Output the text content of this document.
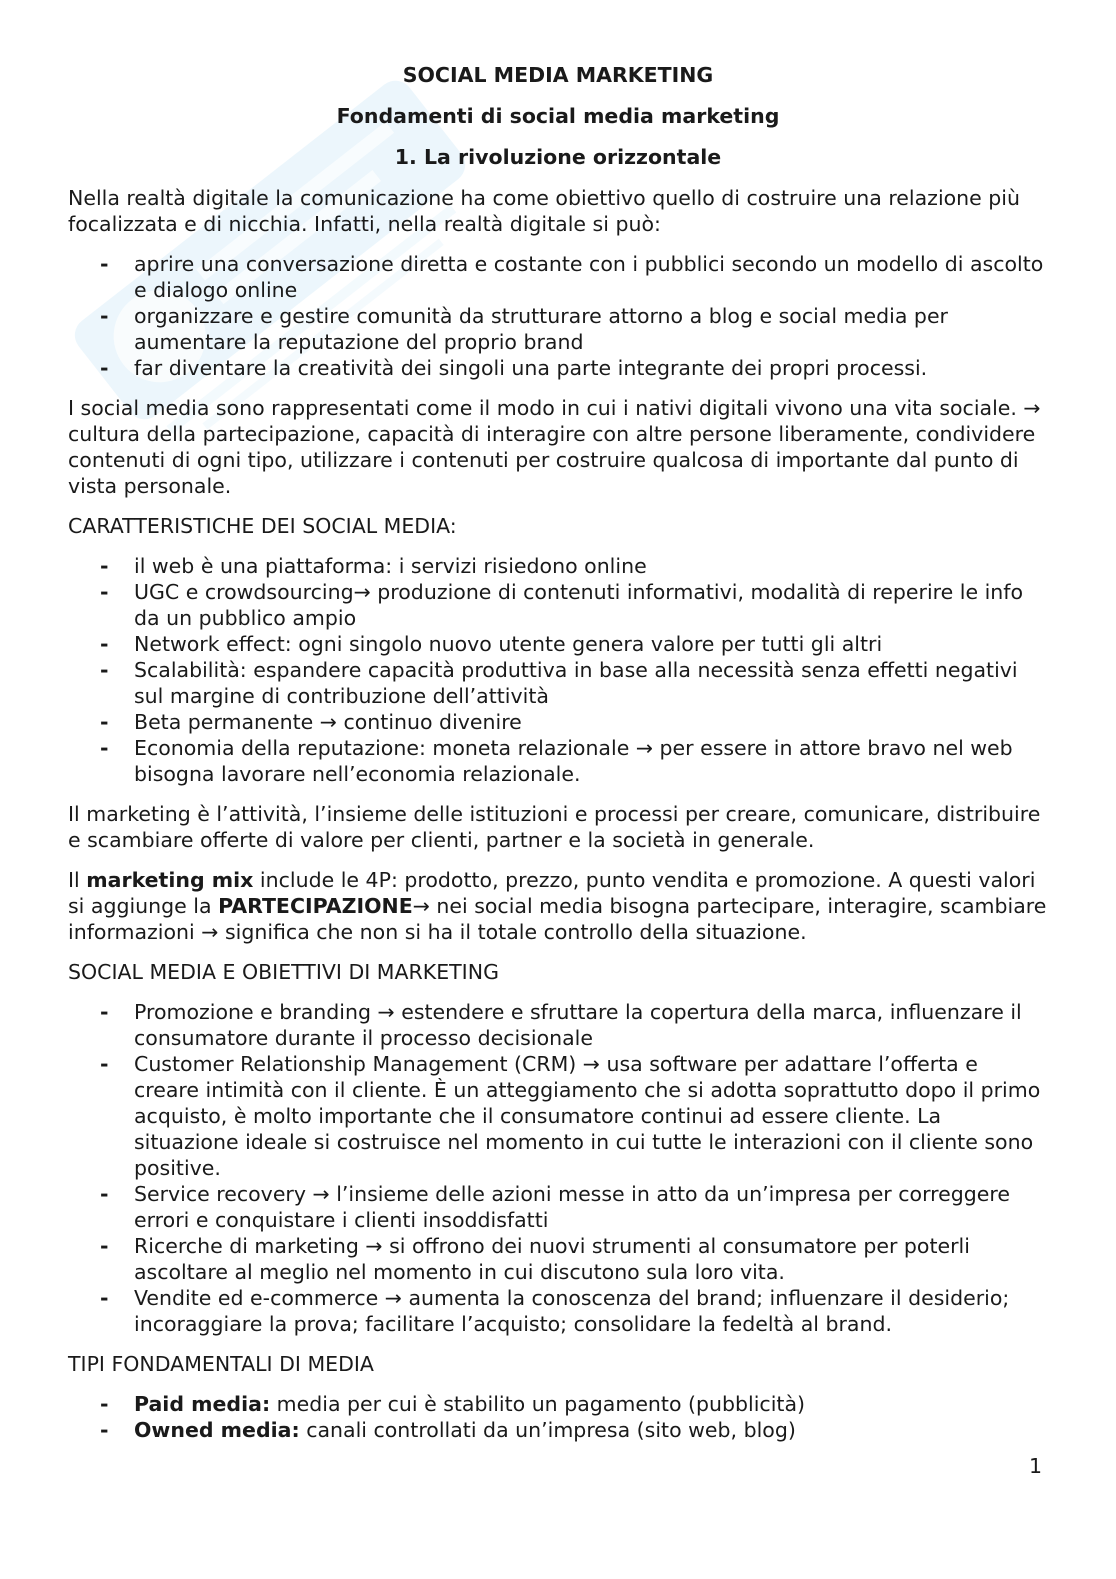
SOCIAL MEDIA MARKETING
Fondamenti di social media marketing
1. La rivoluzione orizzontale

Nella realtà digitale la comunicazione ha come obiettivo quello di costruire una relazione più focalizzata e di nicchia. Infatti, nella realtà digitale si può:

- aprire una conversazione diretta e costante con i pubblici secondo un modello di ascolto e dialogo online
- organizzare e gestire comunità da strutturare attorno a blog e social media per aumentare la reputazione del proprio brand
- far diventare la creatività dei singoli una parte integrante dei propri processi.

I social media sono rappresentati come il modo in cui i nativi digitali vivono una vita sociale. → cultura della partecipazione, capacità di interagire con altre persone liberamente, condividere contenuti di ogni tipo, utilizzare i contenuti per costruire qualcosa di importante dal punto di vista personale.

CARATTERISTICHE DEI SOCIAL MEDIA:

- il web è una piattaforma: i servizi risiedono online
- UGC e crowdsourcing→ produzione di contenuti informativi, modalità di reperire le info da un pubblico ampio
- Network effect: ogni singolo nuovo utente genera valore per tutti gli altri
- Scalabilità: espandere capacità produttiva in base alla necessità senza effetti negativi sul margine di contribuzione dell’attività
- Beta permanente → continuo divenire
- Economia della reputazione: moneta relazionale → per essere in attore bravo nel web bisogna lavorare nell’economia relazionale.

Il marketing è l’attività, l’insieme delle istituzioni e processi per creare, comunicare, distribuire e scambiare offerte di valore per clienti, partner e la società in generale.

Il marketing mix include le 4P: prodotto, prezzo, punto vendita e promozione. A questi valori si aggiunge la PARTECIPAZIONE→ nei social media bisogna partecipare, interagire, scambiare informazioni → significa che non si ha il totale controllo della situazione.

SOCIAL MEDIA E OBIETTIVI DI MARKETING

- Promozione e branding → estendere e sfruttare la copertura della marca, influenzare il consumatore durante il processo decisionale
- Customer Relationship Management (CRM) → usa software per adattare l’offerta e creare intimità con il cliente. È un atteggiamento che si adotta soprattutto dopo il primo acquisto, è molto importante che il consumatore continui ad essere cliente. La situazione ideale si costruisce nel momento in cui tutte le interazioni con il cliente sono positive.
- Service recovery → l’insieme delle azioni messe in atto da un’impresa per correggere errori e conquistare i clienti insoddisfatti
- Ricerche di marketing → si offrono dei nuovi strumenti al consumatore per poterli ascoltare al meglio nel momento in cui discutono sula loro vita.
- Vendite ed e-commerce → aumenta la conoscenza del brand; influenzare il desiderio; incoraggiare la prova; facilitare l’acquisto; consolidare la fedeltà al brand.

TIPI FONDAMENTALI DI MEDIA

- Paid media: media per cui è stabilito un pagamento (pubblicità)
- Owned media: canali controllati da un’impresa (sito web, blog)
1
